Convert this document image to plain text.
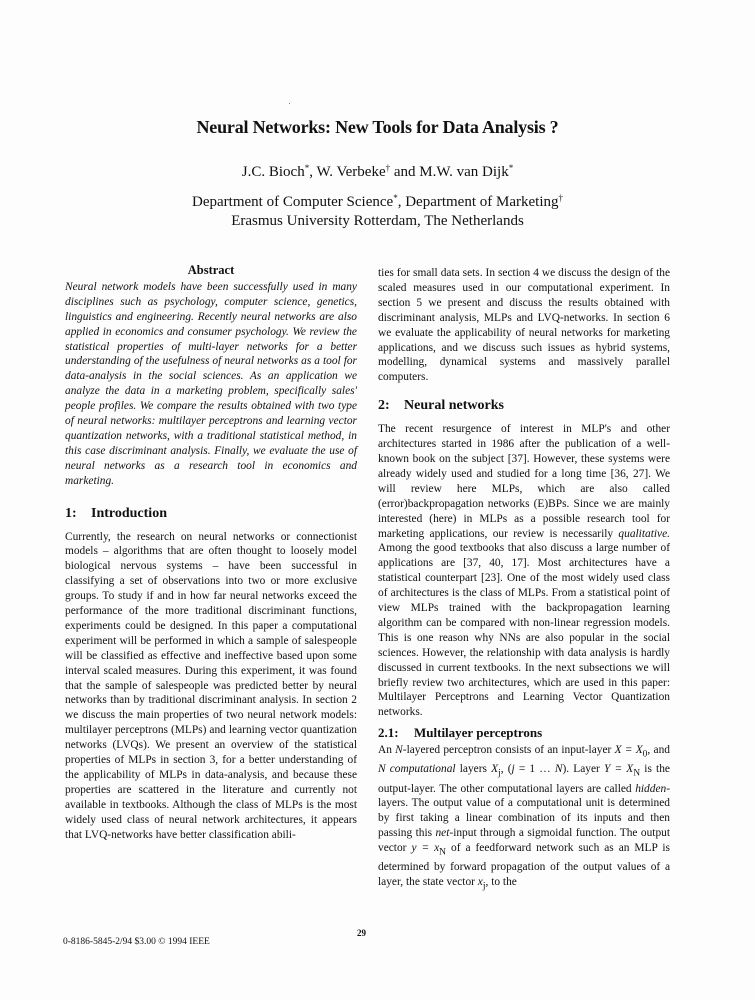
Neural Networks: New Tools for Data Analysis ?
J.C. Bioch*, W. Verbeke† and M.W. van Dijk*
Department of Computer Science*, Department of Marketing†
Erasmus University Rotterdam, The Netherlands
Abstract

Neural network models have been successfully used in many disciplines such as psychology, computer science, genetics, linguistics and engineering. Recently neural networks are also applied in economics and consumer psychology. We review the statistical properties of multi-layer networks for a better understanding of the usefulness of neural networks as a tool for data-analysis in the social sciences. As an application we analyze the data in a marketing problem, specifically sales' people profiles. We compare the results obtained with two type of neural networks: multilayer perceptrons and learning vector quantization networks, with a traditional statistical method, in this case discriminant analysis. Finally, we evaluate the use of neural networks as a research tool in economics and marketing.

1: Introduction

Currently, the research on neural networks or connectionist models – algorithms that are often thought to loosely model biological nervous systems – have been successful in classifying a set of observations into two or more exclusive groups. To study if and in how far neural networks exceed the performance of the more traditional discriminant functions, experiments could be designed. In this paper a computational experiment will be performed in which a sample of salespeople will be classified as effective and ineffective based upon some interval scaled measures. During this experiment, it was found that the sample of salespeople was predicted better by neural networks than by traditional discriminant analysis. In section 2 we discuss the main properties of two neural network models: multilayer perceptrons (MLPs) and learning vector quantization networks (LVQs). We present an overview of the statistical properties of MLPs in section 3, for a better understanding of the applicability of MLPs in data-analysis, and because these properties are scattered in the literature and currently not available in textbooks. Although the class of MLPs is the most widely used class of neural network architectures, it appears that LVQ-networks have better classification abili-

ties for small data sets. In section 4 we discuss the design of the scaled measures used in our computational experiment. In section 5 we present and discuss the results obtained with discriminant analysis, MLPs and LVQ-networks. In section 6 we evaluate the applicability of neural networks for marketing applications, and we discuss such issues as hybrid systems, modelling, dynamical systems and massively parallel computers.

2: Neural networks

The recent resurgence of interest in MLP's and other architectures started in 1986 after the publication of a well-known book on the subject [37]. However, these systems were already widely used and studied for a long time [36, 27]. We will review here MLPs, which are also called (error)backpropagation networks (E)BPs. Since we are mainly interested (here) in MLPs as a possible research tool for marketing applications, our review is necessarily qualitative. Among the good textbooks that also discuss a large number of applications are [37, 40, 17]. Most architectures have a statistical counterpart [23]. One of the most widely used class of architectures is the class of MLPs. From a statistical point of view MLPs trained with the backpropagation learning algorithm can be compared with non-linear regression models. This is one reason why NNs are also popular in the social sciences. However, the relationship with data analysis is hardly discussed in current textbooks. In the next subsections we will briefly review two architectures, which are used in this paper: Multilayer Perceptrons and Learning Vector Quantization networks.

2.1: Multilayer perceptrons

An N-layered perceptron consists of an input-layer $X = X_0$, and N computational layers $X_j$, (j = 1 … N). Layer $Y = X_N$ is the output-layer. The other computational layers are called hidden-layers. The output value of a computational unit is determined by first taking a linear combination of its inputs and then passing this net-input through a sigmoidal function. The output vector $y = x_N$ of a feedforward network such as an MLP is determined by forward propagation of the output values of a layer, the state vector $x_j$, to the

29
0-8186-5845-2/94 $3.00 © 1994 IEEE
